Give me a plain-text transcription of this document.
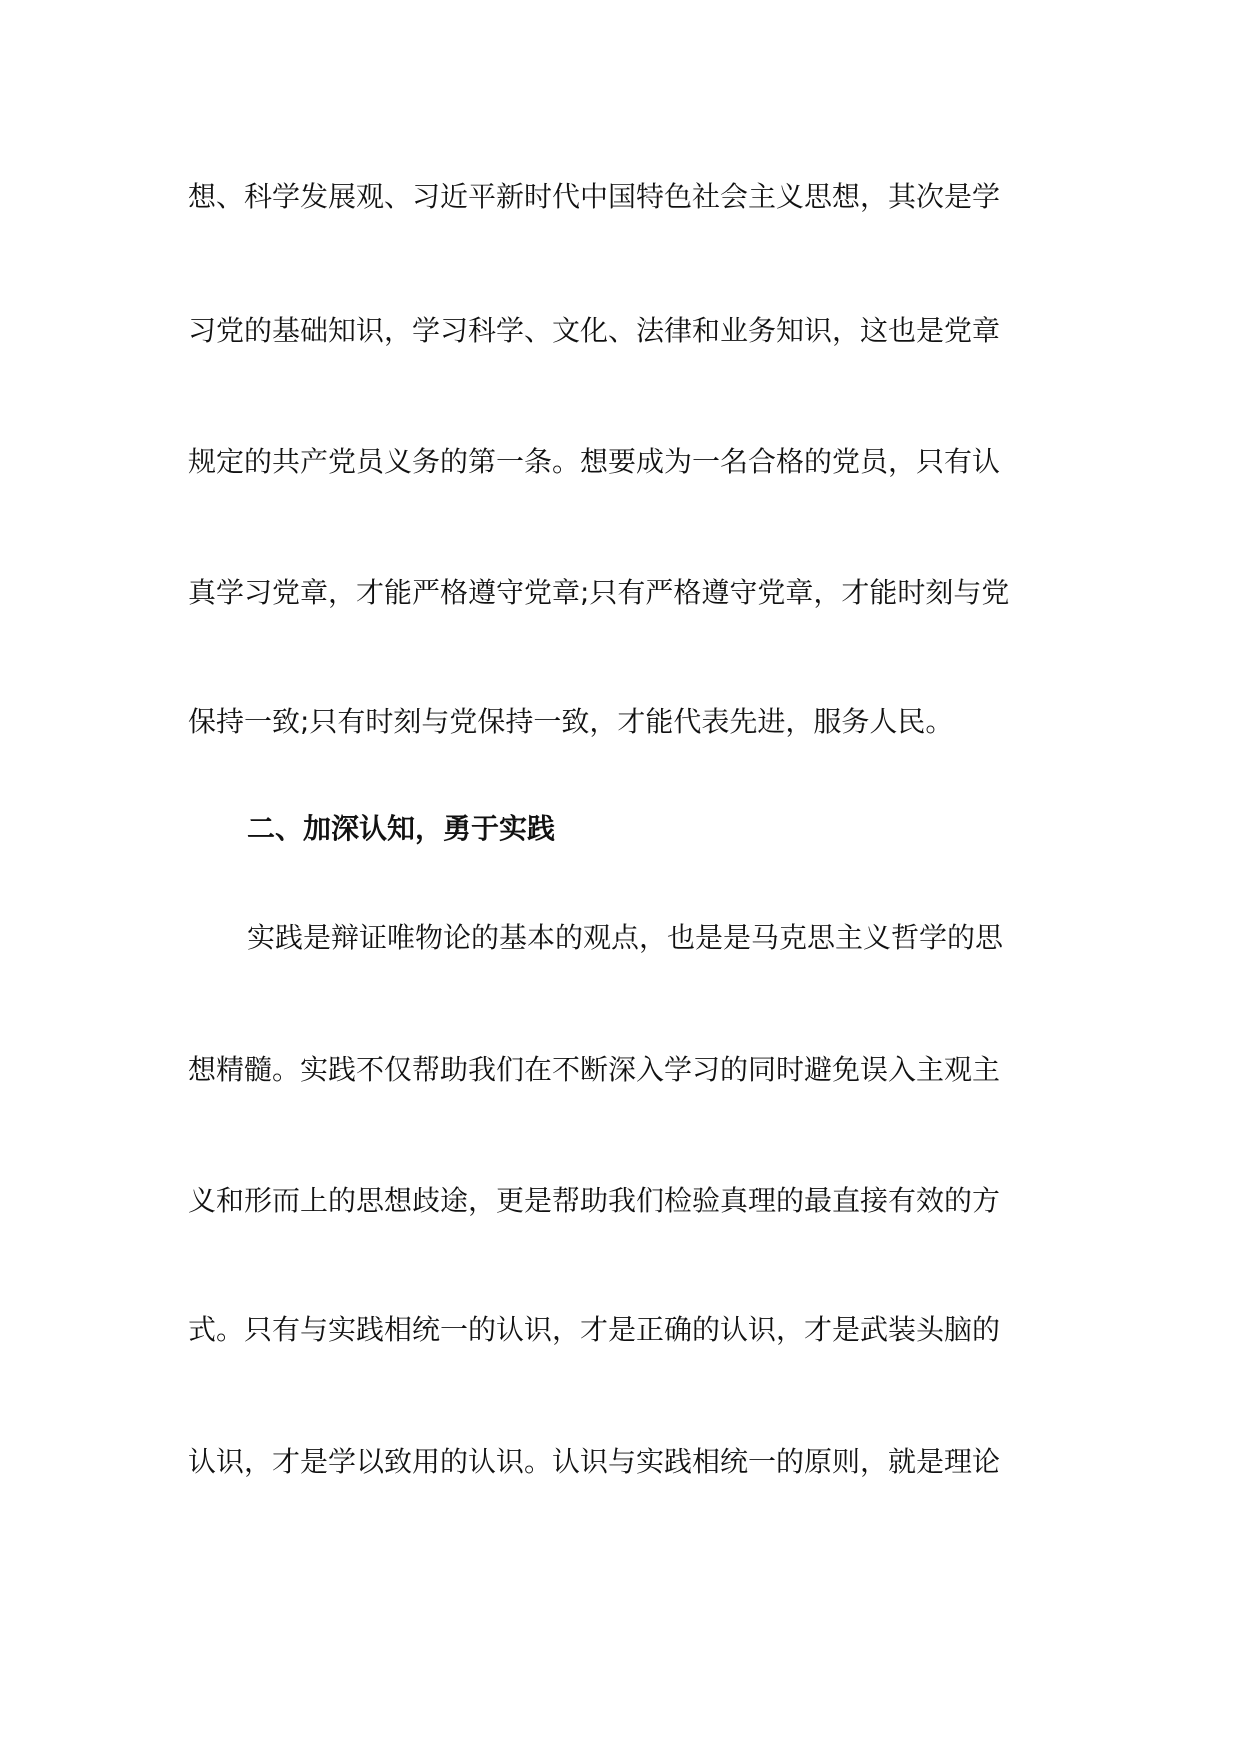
想、科学发展观、习近平新时代中国特色社会主义思想，其次是学
习党的基础知识，学习科学、文化、法律和业务知识，这也是党章
规定的共产党员义务的第一条。想要成为一名合格的党员，只有认
真学习党章，才能严格遵守党章;只有严格遵守党章，才能时刻与党
保持一致;只有时刻与党保持一致，才能代表先进，服务人民。
二、加深认知，勇于实践
实践是辩证唯物论的基本的观点，也是是马克思主义哲学的思
想精髓。实践不仅帮助我们在不断深入学习的同时避免误入主观主
义和形而上的思想歧途，更是帮助我们检验真理的最直接有效的方
式。只有与实践相统一的认识，才是正确的认识，才是武装头脑的
认识，才是学以致用的认识。认识与实践相统一的原则，就是理论
